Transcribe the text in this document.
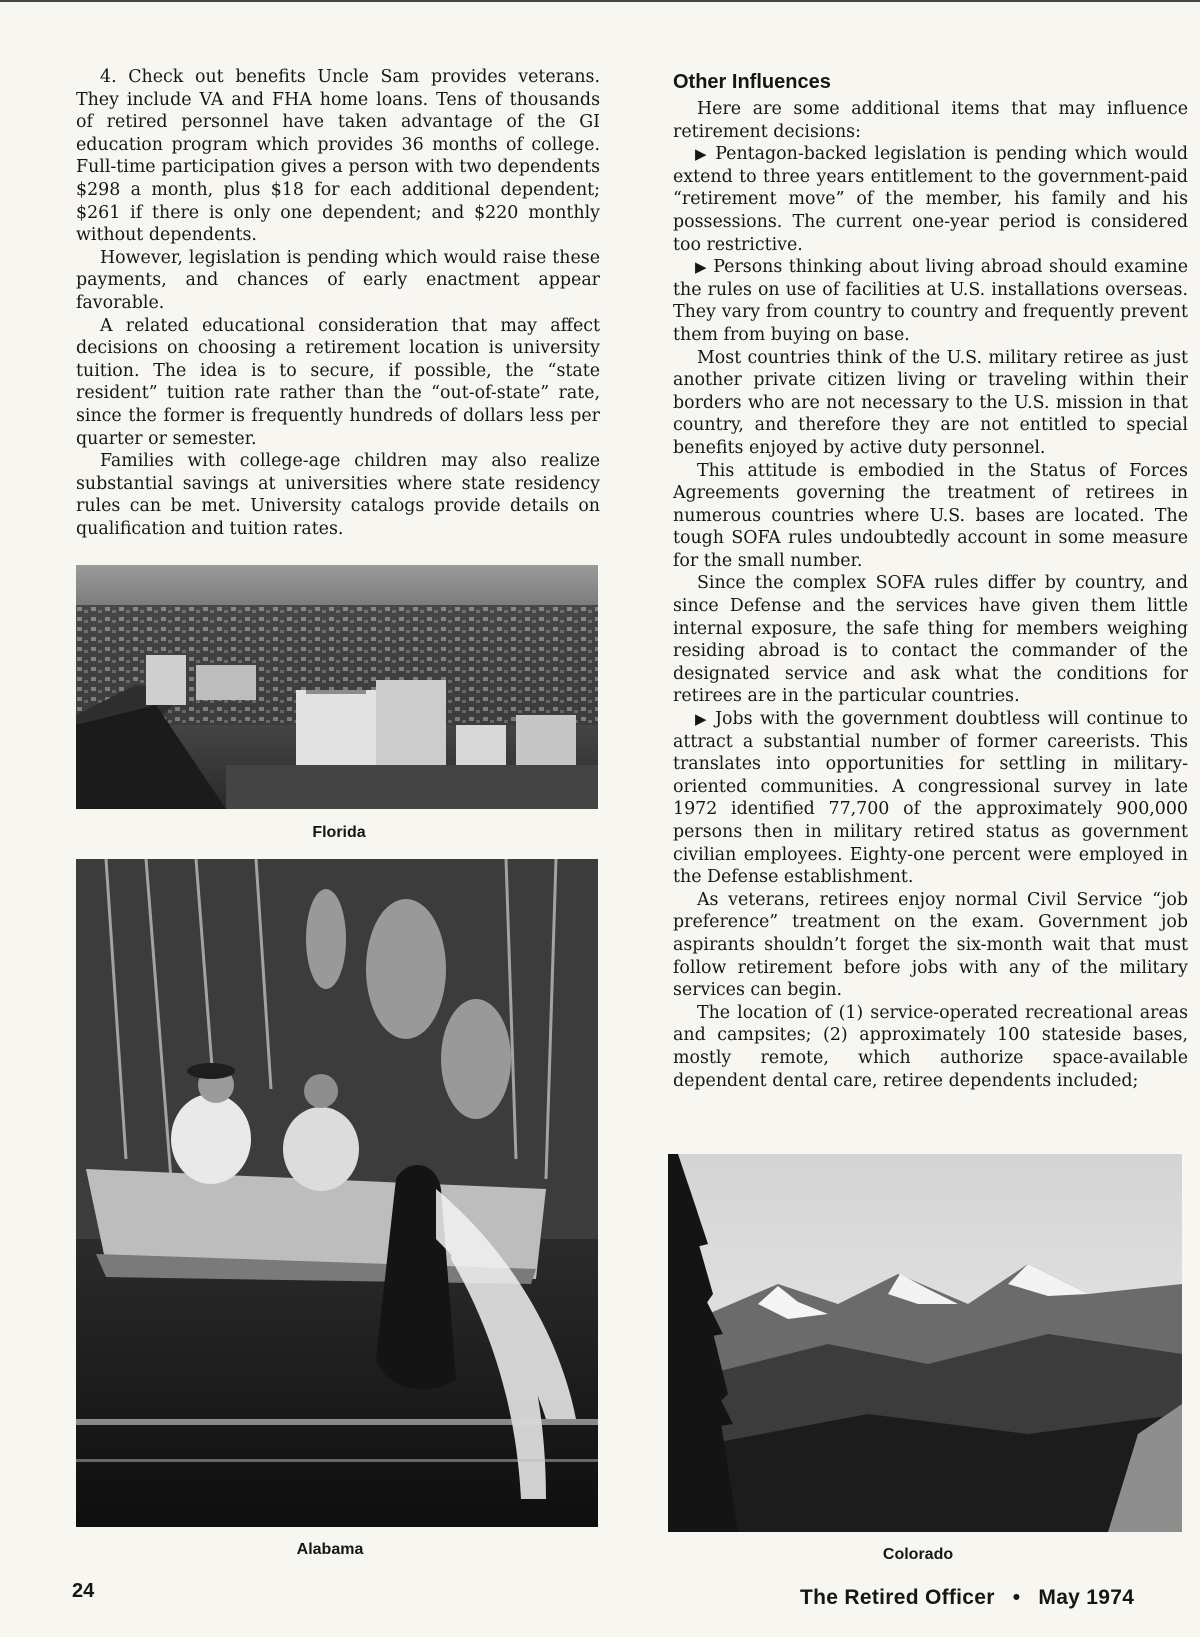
4. Check out benefits Uncle Sam provides veterans. They include VA and FHA home loans. Tens of thousands of retired personnel have taken advantage of the GI education program which provides 36 months of college. Full-time participation gives a person with two dependents $298 a month, plus $18 for each additional dependent; $261 if there is only one dependent; and $220 monthly without dependents.

However, legislation is pending which would raise these payments, and chances of early enactment appear favorable.

A related educational consideration that may affect decisions on choosing a retirement location is university tuition. The idea is to secure, if possible, the “state resident” tuition rate rather than the “out-of-state” rate, since the former is frequently hundreds of dollars less per quarter or semester.

Families with college-age children may also realize substantial savings at universities where state residency rules can be met. University catalogs provide details on qualification and tuition rates.

Florida
Alabama
Other Influences

Here are some additional items that may influence retirement decisions:

▶ Pentagon-backed legislation is pending which would extend to three years entitlement to the government-paid “retirement move” of the member, his family and his possessions. The current one-year period is considered too restrictive.

▶ Persons thinking about living abroad should examine the rules on use of facilities at U.S. installations overseas. They vary from country to country and frequently prevent them from buying on base.

Most countries think of the U.S. military retiree as just another private citizen living or traveling within their borders who are not necessary to the U.S. mission in that country, and therefore they are not entitled to special benefits enjoyed by active duty personnel.

This attitude is embodied in the Status of Forces Agreements governing the treatment of retirees in numerous countries where U.S. bases are located. The tough SOFA rules undoubtedly account in some measure for the small number.

Since the complex SOFA rules differ by country, and since Defense and the services have given them little internal exposure, the safe thing for members weighing residing abroad is to contact the commander of the designated service and ask what the conditions for retirees are in the particular countries.

▶ Jobs with the government doubtless will continue to attract a substantial number of former careerists. This translates into opportunities for settling in military-oriented communities. A congressional survey in late 1972 identified 77,700 of the approximately 900,000 persons then in military retired status as government civilian employees. Eighty-one percent were employed in the Defense establishment.

As veterans, retirees enjoy normal Civil Service “job preference” treatment on the exam. Government job aspirants shouldn’t forget the six-month wait that must follow retirement before jobs with any of the military services can begin.

The location of (1) service-operated recreational areas and campsites; (2) approximately 100 stateside bases, mostly remote, which authorize space-available dependent dental care, retiree dependents included;

Colorado
24	The Retired Officer • May 1974
